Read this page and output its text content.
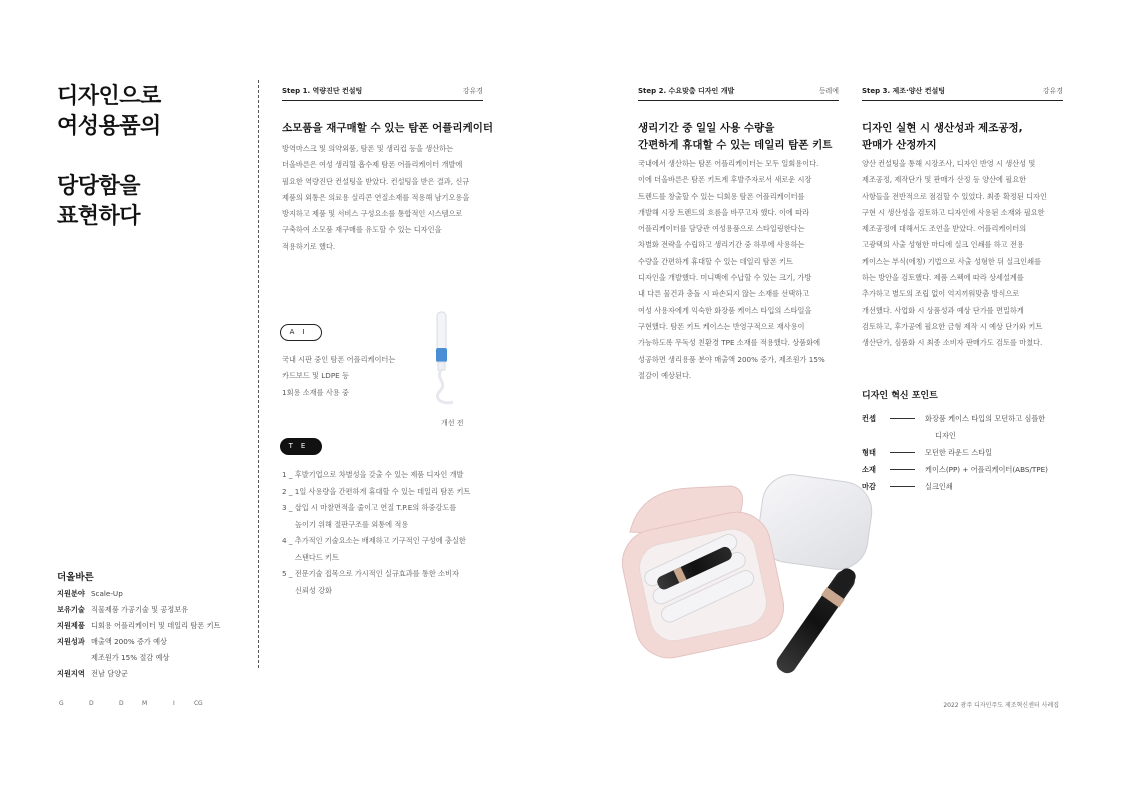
디자인으로
여성용품의
당당함을
표현하다
더올바른
지원분야 Scale-Up
보유기술 직물제품 가공기술 및 공정보유
지원제품 디회용 어플리케이터 및 데일리 탐폰 키트
지원성과 매출액 200% 증가 예상
제조원가 15% 절감 예상
지원지역 전남 담양군
Step 1. 역량진단 컨설팅	강유경
소모품을 재구매할 수 있는 탐폰 어플리케이터
방역마스크 및 의약외품, 탐폰 및 생리컵 등을 생산하는
더올바른은 여성 생리혈 흡수제 탐폰 어플리케이터 개발에
필요한 역량진단 컨설팅을 받았다. 컨설팅을 받은 결과, 신규
제품의 외통은 의료용 실리콘 연질소재를 적용해 남기오용을
방지하고 제품 및 서비스 구성요소를 통합적인 시스템으로
구축하여 소모품 재구매를 유도할 수 있는 디자인을
적용하기로 했다.
AI
국내 시판 중인 탐폰 어플리케이터는
카드보드 및 LDPE 등
1회용 소재를 사용 중
개선 전
TE
1 _ 후발기업으로 차별성을 갖출 수 있는 제품 디자인 개발
2 _ 1일 사용량을 간편하게 휴대할 수 있는 데일리 탐폰 키트
3 _ 삽입 시 마찰면적을 줄이고 연질 T.P.E의 하중강도를
높이기 위해 절판구조를 외통에 적용
4 _ 추가적인 기술요소는 배제하고 기구적인 구성에 충실한
스탠다드 키트
5 _ 전문기술 접목으로 가시적인 실규효과를 통한 소비자
신뢰성 강화
Step 2. 수요맞춤 디자인 개발	등레예
생리기간 중 일일 사용 수량을
간편하게 휴대할 수 있는 데일리 탐폰 키트
국내에서 생산하는 탐폰 어플리케이터는 모두 일회용이다.
이에 더올바른은 탐폰 키트계 후발주자로서 새로운 시장
트렌드를 창출할 수 있는 디회용 탐폰 어플리케이터를
개발해 시장 트렌드의 흐름을 바꾸고자 했다. 이에 따라
어플리케이터를 담당관 여성용품으로 스타일링한다는
차별화 전략을 수립하고 생리기간 중 하루에 사용하는
수량을 간편하게 휴대할 수 있는 데일리 탐폰 키트
디자인을 개발했다. 미니백에 수납할 수 있는 크기, 가방
내 다른 물건과 충돌 시 파손되지 않는 소재를 선택하고
여성 사용자에게 익숙한 화장품 케이스 타입의 스타일을
구현했다. 탐폰 키트 케이스는 반영구적으로 재사용이
가능하도록 무독성 친환경 TPE 소재를 적용했다. 상품화에
성공하면 생리용품 분야 매출액 200% 증가, 제조원가 15%
절감이 예상된다.
Step 3. 제조·양산 컨설팅	강유경
디자인 실현 시 생산성과 제조공정,
판매가 산정까지
양산 컨설팅을 통해 시장조사, 디자인 반영 시 생산성 및
제조공정, 제작단가 및 판매가 산정 등 양산에 필요한
사항들을 전반적으로 점검할 수 있었다. 최종 확정된 디자인
구현 시 생산성을 검토하고 디자인에 사용된 소재와 필요한
제조공정에 대해서도 조언을 받았다. 어플리케이터의
고광택의 사출 성형한 마디에 실크 인쇄를 하고 전용
케이스는 부식(에칭) 기법으로 사출 성형한 뒤 실크인쇄를
하는 방안을 검토했다. 제품 스펙에 따라 상세설계를
추가하고 별도의 조립 없이 억지끼워맞춤 방식으로
개선했다. 사업화 시 상품성과 예상 단가를 면밀하게
검토하고, 후가공에 필요한 금형 제작 시 예상 단가와 키트
생산단가, 심품화 시 최종 소비자 판매가도 검토를 마쳤다.
디자인 혁신 포인트
컨셉	화장품 케이스 타입의 모던하고 심플한
디자인
형태	모던한 라운드 스타일
소재	케이스(PP) + 어플리케이터(ABS/TPE)
마감	실크인쇄
G	D	D	M	I	G
C	2022 광주 디자인주도 제조혁신센터 사례집
